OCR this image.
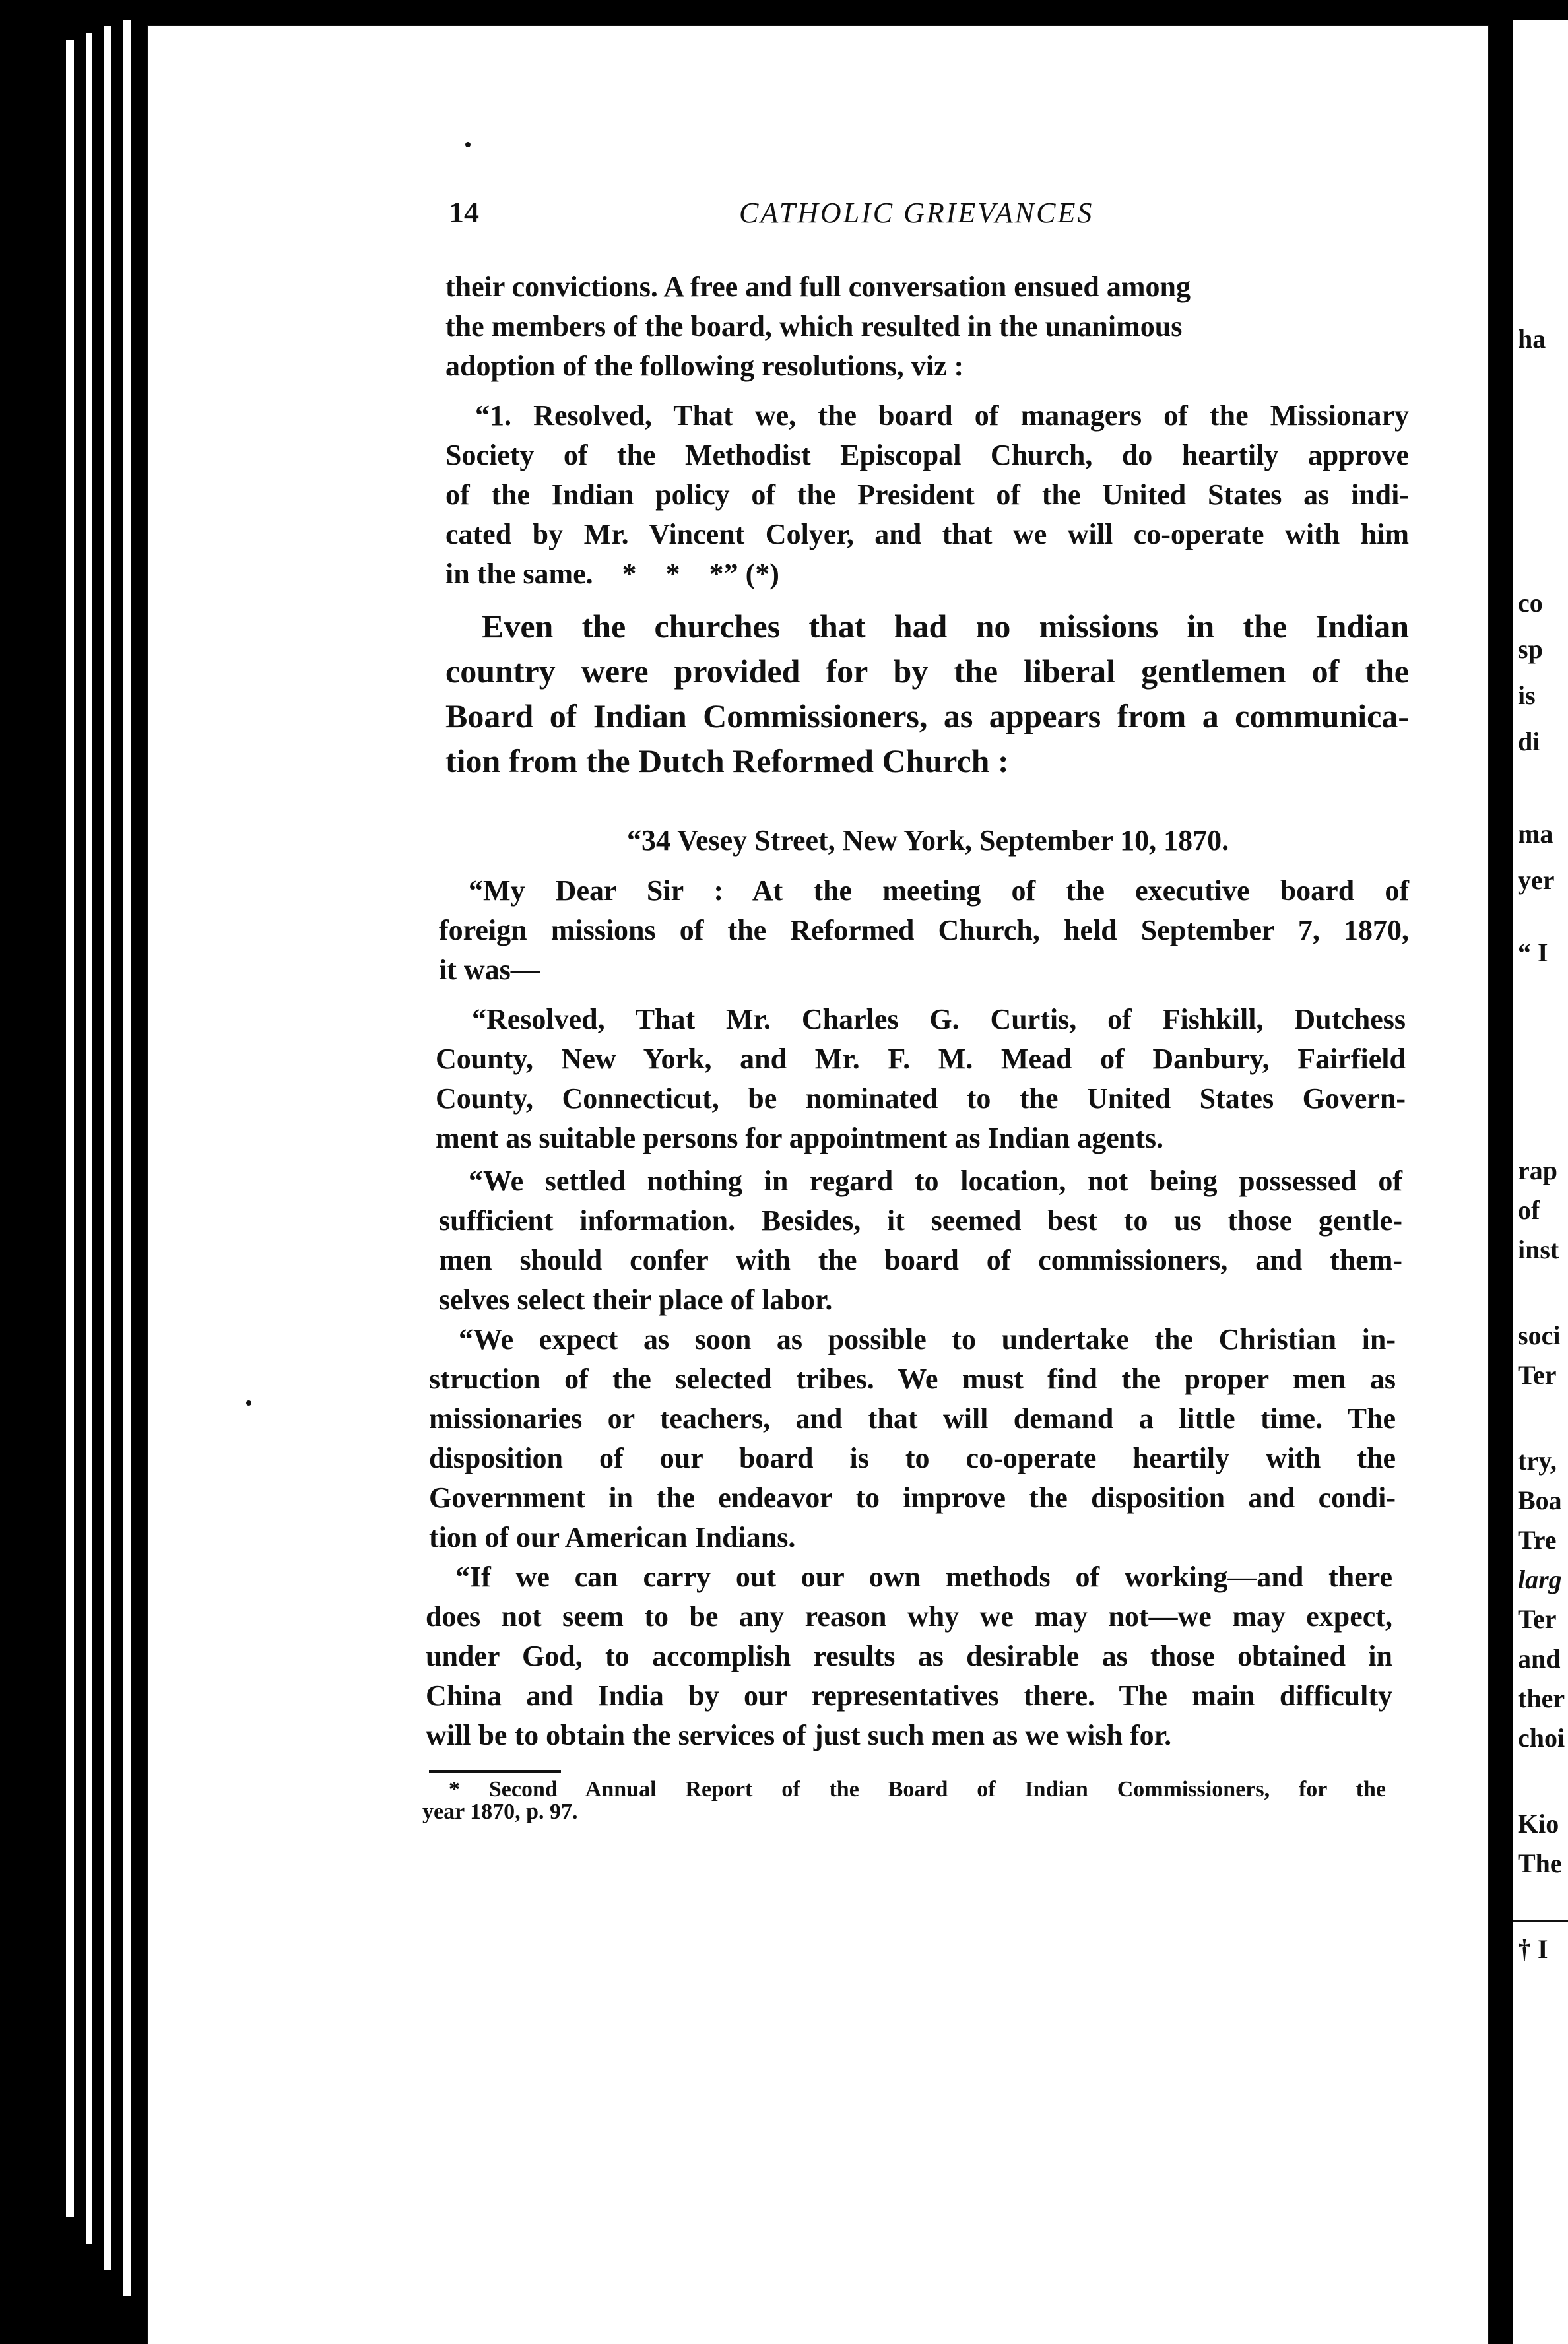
ha
co
sp
is
di
ma
yer
“ I
rap
of
inst
soci
Ter
try,
Boa
Tre
larg
Ter
and
ther
choi
Kio
The
† I
14	CATHOLIC GRIEVANCES
their convictions. A free and full conversation ensued among
the members of the board, which resulted in the unanimous
adoption of the following resolutions, viz :
“1. Resolved, That we, the board of managers of the Missionary
Society of the Methodist Episcopal Church, do heartily approve
of the Indian policy of the President of the United States as indi-
cated by Mr. Vincent Colyer, and that we will co-operate with him
in the same.    *    *    *” (*)
Even the churches that had no missions in the Indian
country were provided for by the liberal gentlemen of the
Board of Indian Commissioners, as appears from a communica-
tion from the Dutch Reformed Church :
“34 Vesey Street, New York, September 10, 1870.
“My Dear Sir : At the meeting of the executive board of
foreign missions of the Reformed Church, held September 7, 1870,
it was—
“Resolved, That Mr. Charles G. Curtis, of Fishkill, Dutchess
County, New York, and Mr. F. M. Mead of Danbury, Fairfield
County, Connecticut, be nominated to the United States Govern-
ment as suitable persons for appointment as Indian agents.
“We settled nothing in regard to location, not being possessed of
sufficient information. Besides, it seemed best to us those gentle-
men should confer with the board of commissioners, and them-
selves select their place of labor.
“We expect as soon as possible to undertake the Christian in-
struction of the selected tribes. We must find the proper men as
missionaries or teachers, and that will demand a little time. The
disposition of our board is to co-operate heartily with the
Government in the endeavor to improve the disposition and condi-
tion of our American Indians.
“If we can carry out our own methods of working—and there
does not seem to be any reason why we may not—we may expect,
under God, to accomplish results as desirable as those obtained in
China and India by our representatives there. The main difficulty
will be to obtain the services of just such men as we wish for.
* Second Annual Report of the Board of Indian Commissioners, for the
year 1870, p. 97.
